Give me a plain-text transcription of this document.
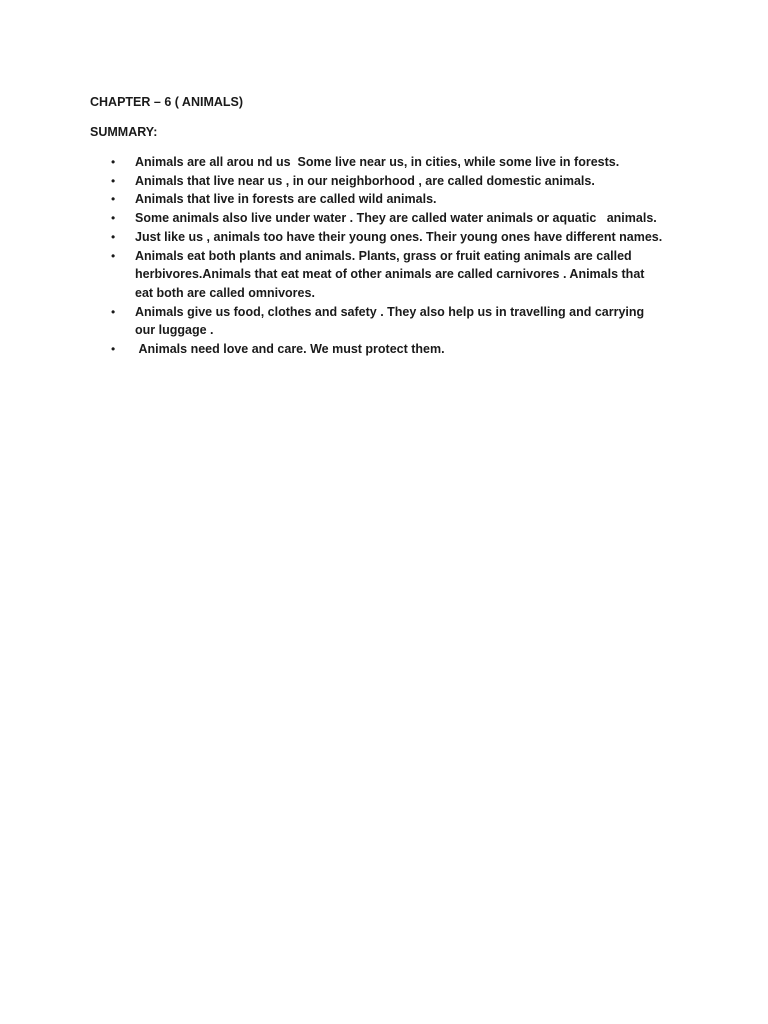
CHAPTER – 6 ( ANIMALS)

SUMMARY:

• Animals are all arou nd us  Some live near us, in cities, while some live in forests.
• Animals that live near us , in our neighborhood , are called domestic animals.
• Animals that live in forests are called wild animals.
• Some animals also live under water . They are called water animals or aquatic   animals.
• Just like us , animals too have their young ones. Their young ones have different names.
• Animals eat both plants and animals. Plants, grass or fruit eating animals are called herbivores.Animals that eat meat of other animals are called carnivores . Animals that eat both are called omnivores.
• Animals give us food, clothes and safety . They also help us in travelling and carrying our luggage .
• Animals need love and care. We must protect them.
